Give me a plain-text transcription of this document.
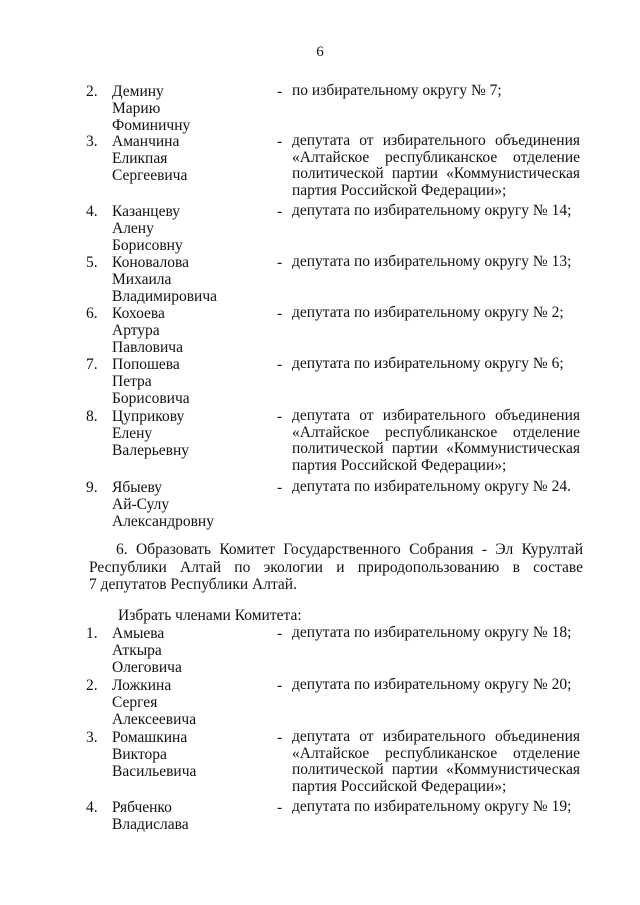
6
2. Демину
Марию
Фоминичну
- по избирательному округу № 7;
3. Аманчина
Еликпая
Сергеевича
- депутата от избирательного объединения
«Алтайское республиканское отделение
политической партии «Коммунистическая
партия Российской Федерации»;
4. Казанцеву
Алену
Борисовну
- депутата по избирательному округу № 14;
5. Коновалова
Михаила
Владимировича
- депутата по избирательному округу № 13;
6. Кохоева
Артура
Павловича
- депутата по избирательному округу № 2;
7. Попошева
Петра
Борисовича
- депутата по избирательному округу № 6;
8. Цуприкову
Елену
Валерьевну
- депутата от избирательного объединения
«Алтайское республиканское отделение
политической партии «Коммунистическая
партия Российской Федерации»;
9. Ябыеву
Ай-Сулу
Александровну
- депутата по избирательному округу № 24.
6. Образовать Комитет Государственного Собрания - Эл Курултай
Республики Алтай по экологии и природопользованию в составе
7 депутатов Республики Алтай.
Избрать членами Комитета:
1. Амыева
Аткыра
Олеговича
- депутата по избирательному округу № 18;
2. Ложкина
Сергея
Алексеевича
- депутата по избирательному округу № 20;
3. Ромашкина
Виктора
Васильевича
- депутата от избирательного объединения
«Алтайское республиканское отделение
политической партии «Коммунистическая
партия Российской Федерации»;
4. Рябченко
Владислава
- депутата по избирательному округу № 19;
